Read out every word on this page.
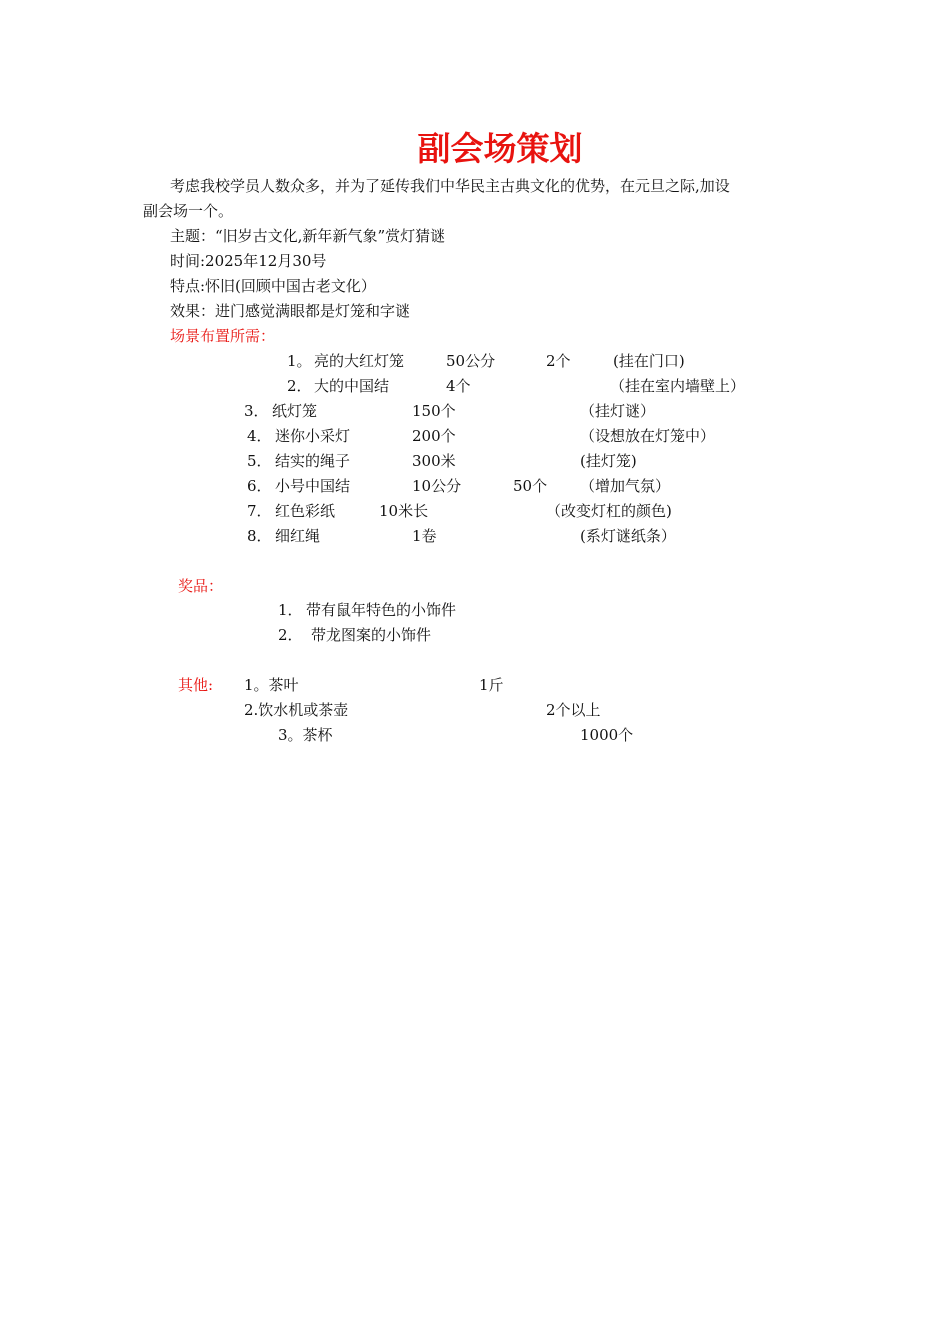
副会场策划
考虑我校学员人数众多，并为了延传我们中华民主古典文化的优势，在元旦之际,加设
副会场一个。
主题：“旧岁古文化,新年新气象”赏灯猜谜
时间:2025年12月30号
特点:怀旧(回顾中国古老文化）
效果：进门感觉满眼都是灯笼和字谜
场景布置所需：
1。 亮的大红灯笼	50公分	2个	(挂在门口)
2． 大的中国结	4个	（挂在室内墙壁上）
3． 纸灯笼	150个	（挂灯谜）
4． 迷你小采灯	200个	（设想放在灯笼中）
5． 结实的绳子	300米	(挂灯笼)
6． 小号中国结	10公分	50个 （增加气氛）
7． 红色彩纸	10米长	（改变灯杠的颜色)
8． 细红绳	1卷	(系灯谜纸条）
奖品：
1． 带有鼠年特色的小饰件
2． 带龙图案的小饰件
其他: 1。茶叶	1斤
2.饮水机或茶壶	2个以上
3。茶杯	1000个
